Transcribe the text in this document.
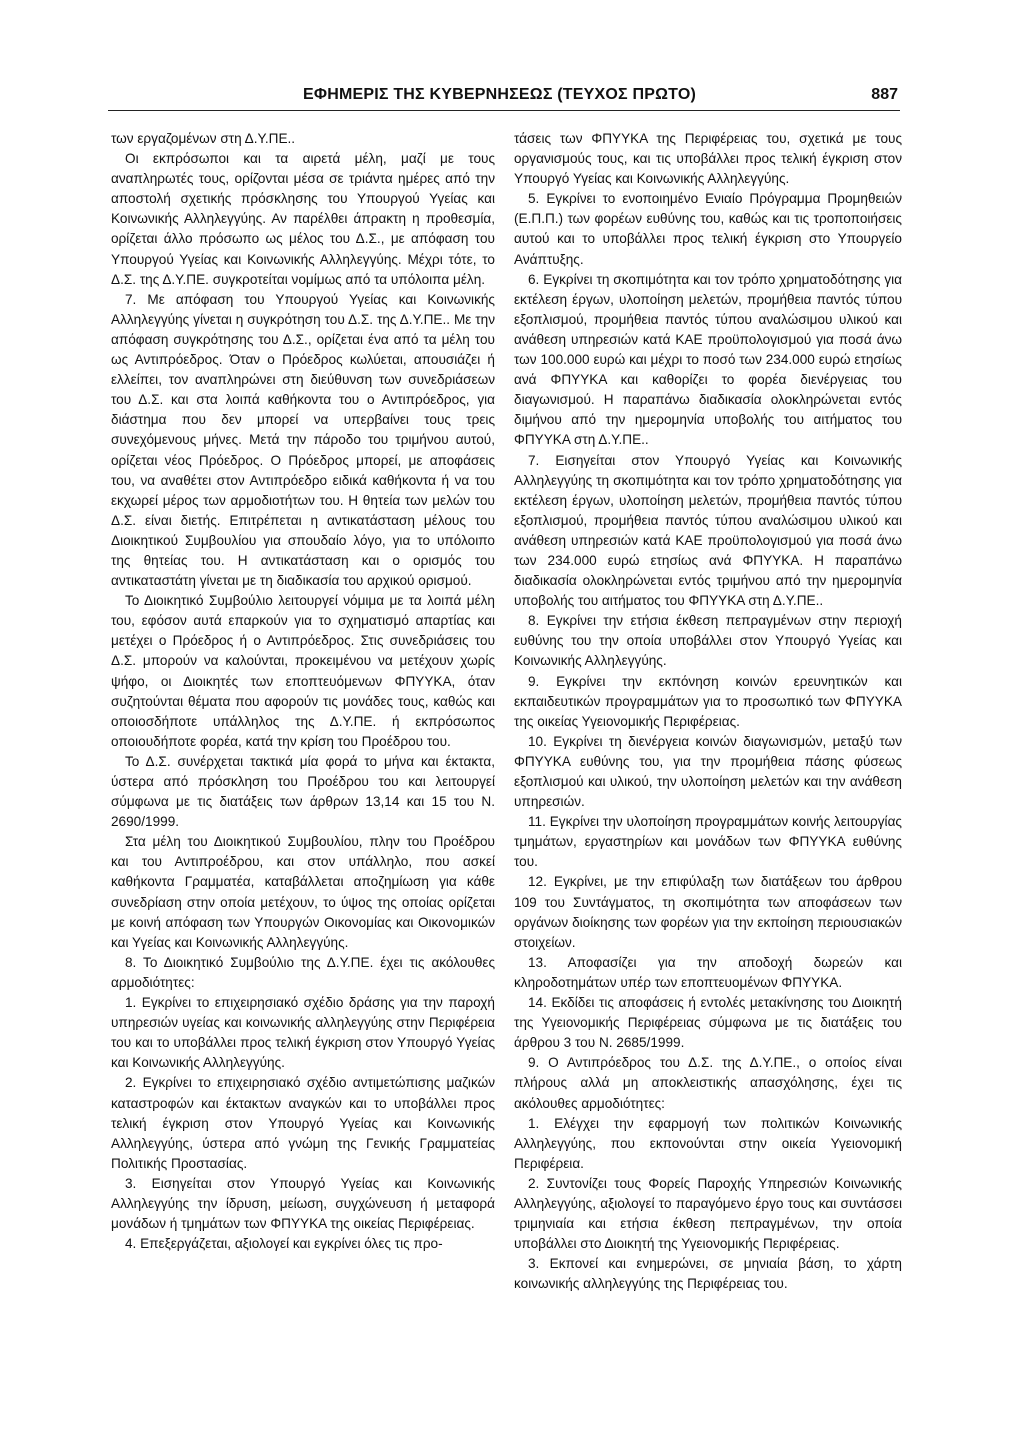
ΕΦΗΜΕΡΙΣ ΤΗΣ ΚΥΒΕΡΝΗΣΕΩΣ (ΤΕΥΧΟΣ ΠΡΩΤΟ)	887

των εργαζομένων στη Δ.Υ.ΠΕ..

Οι εκπρόσωποι και τα αιρετά μέλη, μαζί με τους αναπληρωτές τους, ορίζονται μέσα σε τριάντα ημέρες από την αποστολή σχετικής πρόσκλησης του Υπουργού Υγείας και Κοινωνικής Αλληλεγγύης. Αν παρέλθει άπρακτη η προθεσμία, ορίζεται άλλο πρόσωπο ως μέλος του Δ.Σ., με απόφαση του Υπουργού Υγείας και Κοινωνικής Αλληλεγγύης. Μέχρι τότε, το Δ.Σ. της Δ.Υ.ΠΕ. συγκροτείται νομίμως από τα υπόλοιπα μέλη.

7. Με απόφαση του Υπουργού Υγείας και Κοινωνικής Αλληλεγγύης γίνεται η συγκρότηση του Δ.Σ. της Δ.Υ.ΠΕ.. Με την απόφαση συγκρότησης του Δ.Σ., ορίζεται ένα από τα μέλη του ως Αντιπρόεδρος. Όταν ο Πρόεδρος κωλύεται, απουσιάζει ή ελλείπει, τον αναπληρώνει στη διεύθυνση των συνεδριάσεων του Δ.Σ. και στα λοιπά καθήκοντα του ο Αντιπρόεδρος, για διάστημα που δεν μπορεί να υπερβαίνει τους τρεις συνεχόμενους μήνες. Μετά την πάροδο του τριμήνου αυτού, ορίζεται νέος Πρόεδρος. Ο Πρόεδρος μπορεί, με αποφάσεις του, να αναθέτει στον Αντιπρόεδρο ειδικά καθήκοντα ή να του εκχωρεί μέρος των αρμοδιοτήτων του. Η θητεία των μελών του Δ.Σ. είναι διετής. Επιτρέπεται η αντικατάσταση μέλους του Διοικητικού Συμβουλίου για σπουδαίο λόγο, για το υπόλοιπο της θητείας του. Η αντικατάσταση και ο ορισμός του αντικαταστάτη γίνεται με τη διαδικασία του αρχικού ορισμού.

Το Διοικητικό Συμβούλιο λειτουργεί νόμιμα με τα λοιπά μέλη του, εφόσον αυτά επαρκούν για το σχηματισμό απαρτίας και μετέχει ο Πρόεδρος ή ο Αντιπρόεδρος. Στις συνεδριάσεις του Δ.Σ. μπορούν να καλούνται, προκειμένου να μετέχουν χωρίς ψήφο, οι Διοικητές των εποπτευόμενων ΦΠΥΥΚΑ, όταν συζητούνται θέματα που αφορούν τις μονάδες τους, καθώς και οποιοσδήποτε υπάλληλος της Δ.Υ.ΠΕ. ή εκπρόσωπος οποιουδήποτε φορέα, κατά την κρίση του Προέδρου του.

Το Δ.Σ. συνέρχεται τακτικά μία φορά το μήνα και έκτακτα, ύστερα από πρόσκληση του Προέδρου του και λειτουργεί σύμφωνα με τις διατάξεις των άρθρων 13,14 και 15 του Ν. 2690/1999.

Στα μέλη του Διοικητικού Συμβουλίου, πλην του Προέδρου και του Αντιπροέδρου, και στον υπάλληλο, που ασκεί καθήκοντα Γραμματέα, καταβάλλεται αποζημίωση για κάθε συνεδρίαση στην οποία μετέχουν, το ύψος της οποίας ορίζεται με κοινή απόφαση των Υπουργών Οικονομίας και Οικονομικών και Υγείας και Κοινωνικής Αλληλεγγύης.

8. Το Διοικητικό Συμβούλιο της Δ.Υ.ΠΕ. έχει τις ακόλουθες αρμοδιότητες:

1. Εγκρίνει το επιχειρησιακό σχέδιο δράσης για την παροχή υπηρεσιών υγείας και κοινωνικής αλληλεγγύης στην Περιφέρεια του και το υποβάλλει προς τελική έγκριση στον Υπουργό Υγείας και Κοινωνικής Αλληλεγγύης.

2. Εγκρίνει το επιχειρησιακό σχέδιο αντιμετώπισης μαζικών καταστροφών και έκτακτων αναγκών και το υποβάλλει προς τελική έγκριση στον Υπουργό Υγείας και Κοινωνικής Αλληλεγγύης, ύστερα από γνώμη της Γενικής Γραμματείας Πολιτικής Προστασίας.

3. Εισηγείται στον Υπουργό Υγείας και Κοινωνικής Αλληλεγγύης την ίδρυση, μείωση, συγχώνευση ή μεταφορά μονάδων ή τμημάτων των ΦΠΥΥΚΑ της οικείας Περιφέρειας.

4. Επεξεργάζεται, αξιολογεί και εγκρίνει όλες τις προ-

τάσεις των ΦΠΥΥΚΑ της Περιφέρειας του, σχετικά με τους οργανισμούς τους, και τις υποβάλλει προς τελική έγκριση στον Υπουργό Υγείας και Κοινωνικής Αλληλεγγύης.

5. Εγκρίνει το ενοποιημένο Ενιαίο Πρόγραμμα Προμηθειών (Ε.Π.Π.) των φορέων ευθύνης του, καθώς και τις τροποποιήσεις αυτού και το υποβάλλει προς τελική έγκριση στο Υπουργείο Ανάπτυξης.

6. Εγκρίνει τη σκοπιμότητα και τον τρόπο χρηματοδότησης για εκτέλεση έργων, υλοποίηση μελετών, προμήθεια παντός τύπου εξοπλισμού, προμήθεια παντός τύπου αναλώσιμου υλικού και ανάθεση υπηρεσιών κατά ΚΑΕ προϋπολογισμού για ποσά άνω των 100.000 ευρώ και μέχρι το ποσό των 234.000 ευρώ ετησίως ανά ΦΠΥΥΚΑ και καθορίζει το φορέα διενέργειας του διαγωνισμού. Η παραπάνω διαδικασία ολοκληρώνεται εντός διμήνου από την ημερομηνία υποβολής του αιτήματος του ΦΠΥΥΚΑ στη Δ.Υ.ΠΕ..

7. Εισηγείται στον Υπουργό Υγείας και Κοινωνικής Αλληλεγγύης τη σκοπιμότητα και τον τρόπο χρηματοδότησης για εκτέλεση έργων, υλοποίηση μελετών, προμήθεια παντός τύπου εξοπλισμού, προμήθεια παντός τύπου αναλώσιμου υλικού και ανάθεση υπηρεσιών κατά ΚΑΕ προϋπολογισμού για ποσά άνω των 234.000 ευρώ ετησίως ανά ΦΠΥΥΚΑ. Η παραπάνω διαδικασία ολοκληρώνεται εντός τριμήνου από την ημερομηνία υποβολής του αιτήματος του ΦΠΥΥΚΑ στη Δ.Υ.ΠΕ..

8. Εγκρίνει την ετήσια έκθεση πεπραγμένων στην περιοχή ευθύνης του την οποία υποβάλλει στον Υπουργό Υγείας και Κοινωνικής Αλληλεγγύης.

9. Εγκρίνει την εκπόνηση κοινών ερευνητικών και εκπαιδευτικών προγραμμάτων για το προσωπικό των ΦΠΥΥΚΑ της οικείας Υγειονομικής Περιφέρειας.

10. Εγκρίνει τη διενέργεια κοινών διαγωνισμών, μεταξύ των ΦΠΥΥΚΑ ευθύνης του, για την προμήθεια πάσης φύσεως εξοπλισμού και υλικού, την υλοποίηση μελετών και την ανάθεση υπηρεσιών.

11. Εγκρίνει την υλοποίηση προγραμμάτων κοινής λειτουργίας τμημάτων, εργαστηρίων και μονάδων των ΦΠΥΥΚΑ ευθύνης του.

12. Εγκρίνει, με την επιφύλαξη των διατάξεων του άρθρου 109 του Συντάγματος, τη σκοπιμότητα των αποφάσεων των οργάνων διοίκησης των φορέων για την εκποίηση περιουσιακών στοιχείων.

13. Αποφασίζει για την αποδοχή δωρεών και κληροδοτημάτων υπέρ των εποπτευομένων ΦΠΥΥΚΑ.

14. Εκδίδει τις αποφάσεις ή εντολές μετακίνησης του Διοικητή της Υγειονομικής Περιφέρειας σύμφωνα με τις διατάξεις του άρθρου 3 του Ν. 2685/1999.

9. Ο Αντιπρόεδρος του Δ.Σ. της Δ.Υ.ΠΕ., ο οποίος είναι πλήρους αλλά μη αποκλειστικής απασχόλησης, έχει τις ακόλουθες αρμοδιότητες:

1. Ελέγχει την εφαρμογή των πολιτικών Κοινωνικής Αλληλεγγύης, που εκπονούνται στην οικεία Υγειονομική Περιφέρεια.

2. Συντονίζει τους Φορείς Παροχής Υπηρεσιών Κοινωνικής Αλληλεγγύης, αξιολογεί το παραγόμενο έργο τους και συντάσσει τριμηνιαία και ετήσια έκθεση πεπραγμένων, την οποία υποβάλλει στο Διοικητή της Υγειονομικής Περιφέρειας.

3. Εκπονεί και ενημερώνει, σε μηνιαία βάση, το χάρτη κοινωνικής αλληλεγγύης της Περιφέρειας του.
